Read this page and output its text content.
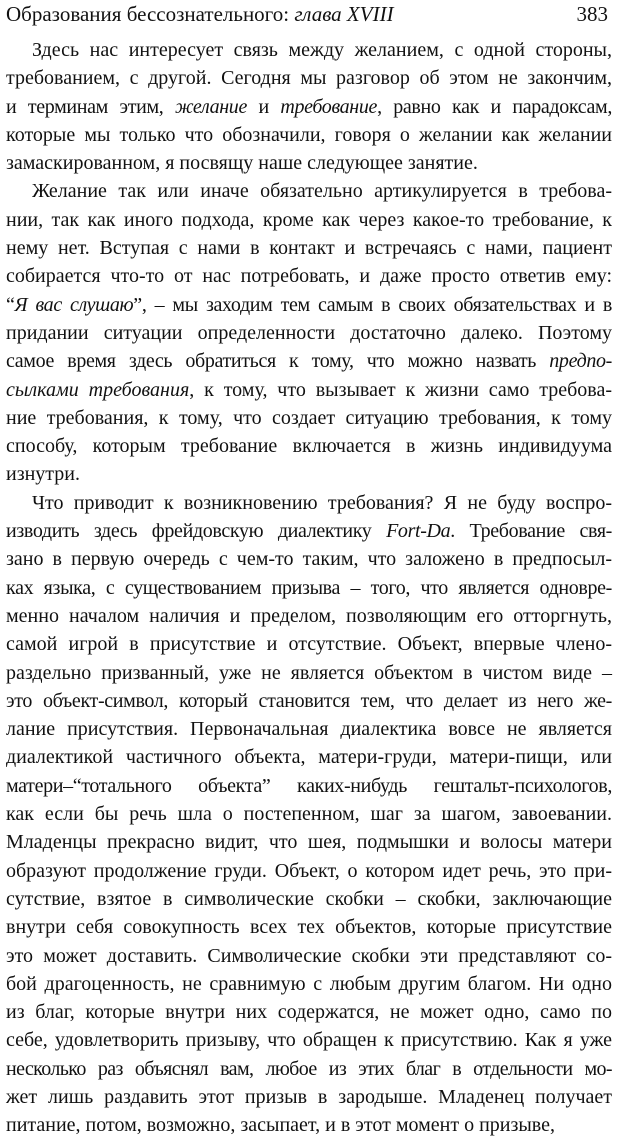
Образования бессознательного: глава XVIII	383
Здесь нас интересует связь между желанием, с одной стороны,
требованием, с другой. Сегодня мы разговор об этом не закончим,
и терминам этим, желание и требование, равно как и парадоксам,
которые мы только что обозначили, говоря о желании как желании
замаскированном, я посвящу наше следующее занятие.
Желание так или иначе обязательно артикулируется в требова-
нии, так как иного подхода, кроме как через какое-то требование, к
нему нет. Вступая с нами в контакт и встречаясь с нами, пациент
собирается что-то от нас потребовать, и даже просто ответив ему:
“Я вас слушаю”, – мы заходим тем самым в своих обязательствах и в
придании ситуации определенности достаточно далеко. Поэтому
самое время здесь обратиться к тому, что можно назвать предпо-
сылками требования, к тому, что вызывает к жизни само требова-
ние требования, к тому, что создает ситуацию требования, к тому
способу, которым требование включается в жизнь индивидуума
изнутри.
Что приводит к возникновению требования? Я не буду воспро-
изводить здесь фрейдовскую диалектику Fort-Da. Требование свя-
зано в первую очередь с чем-то таким, что заложено в предпосыл-
ках языка, с существованием призыва – того, что является одновре-
менно началом наличия и пределом, позволяющим его отторгнуть,
самой игрой в присутствие и отсутствие. Объект, впервые члено-
раздельно призванный, уже не является объектом в чистом виде –
это объект-символ, который становится тем, что делает из него же-
лание присутствия. Первоначальная диалектика вовсе не является
диалектикой частичного объекта, матери-груди, матери-пищи, или
матери–“тотального объекта” каких-нибудь гештальт-психологов,
как если бы речь шла о постепенном, шаг за шагом, завоевании.
Младенцы прекрасно видит, что шея, подмышки и волосы матери
образуют продолжение груди. Объект, о котором идет речь, это при-
сутствие, взятое в символические скобки – скобки, заключающие
внутри себя совокупность всех тех объектов, которые присутствие
это может доставить. Символические скобки эти представляют со-
бой драгоценность, не сравнимую с любым другим благом. Ни одно
из благ, которые внутри них содержатся, не может одно, само по
себе, удовлетворить призыву, что обращен к присутствию. Как я уже
несколько раз объяснял вам, любое из этих благ в отдельности мо-
жет лишь раздавить этот призыв в зародыше. Младенец получает
питание, потом, возможно, засыпает, и в этот момент о призыве,
